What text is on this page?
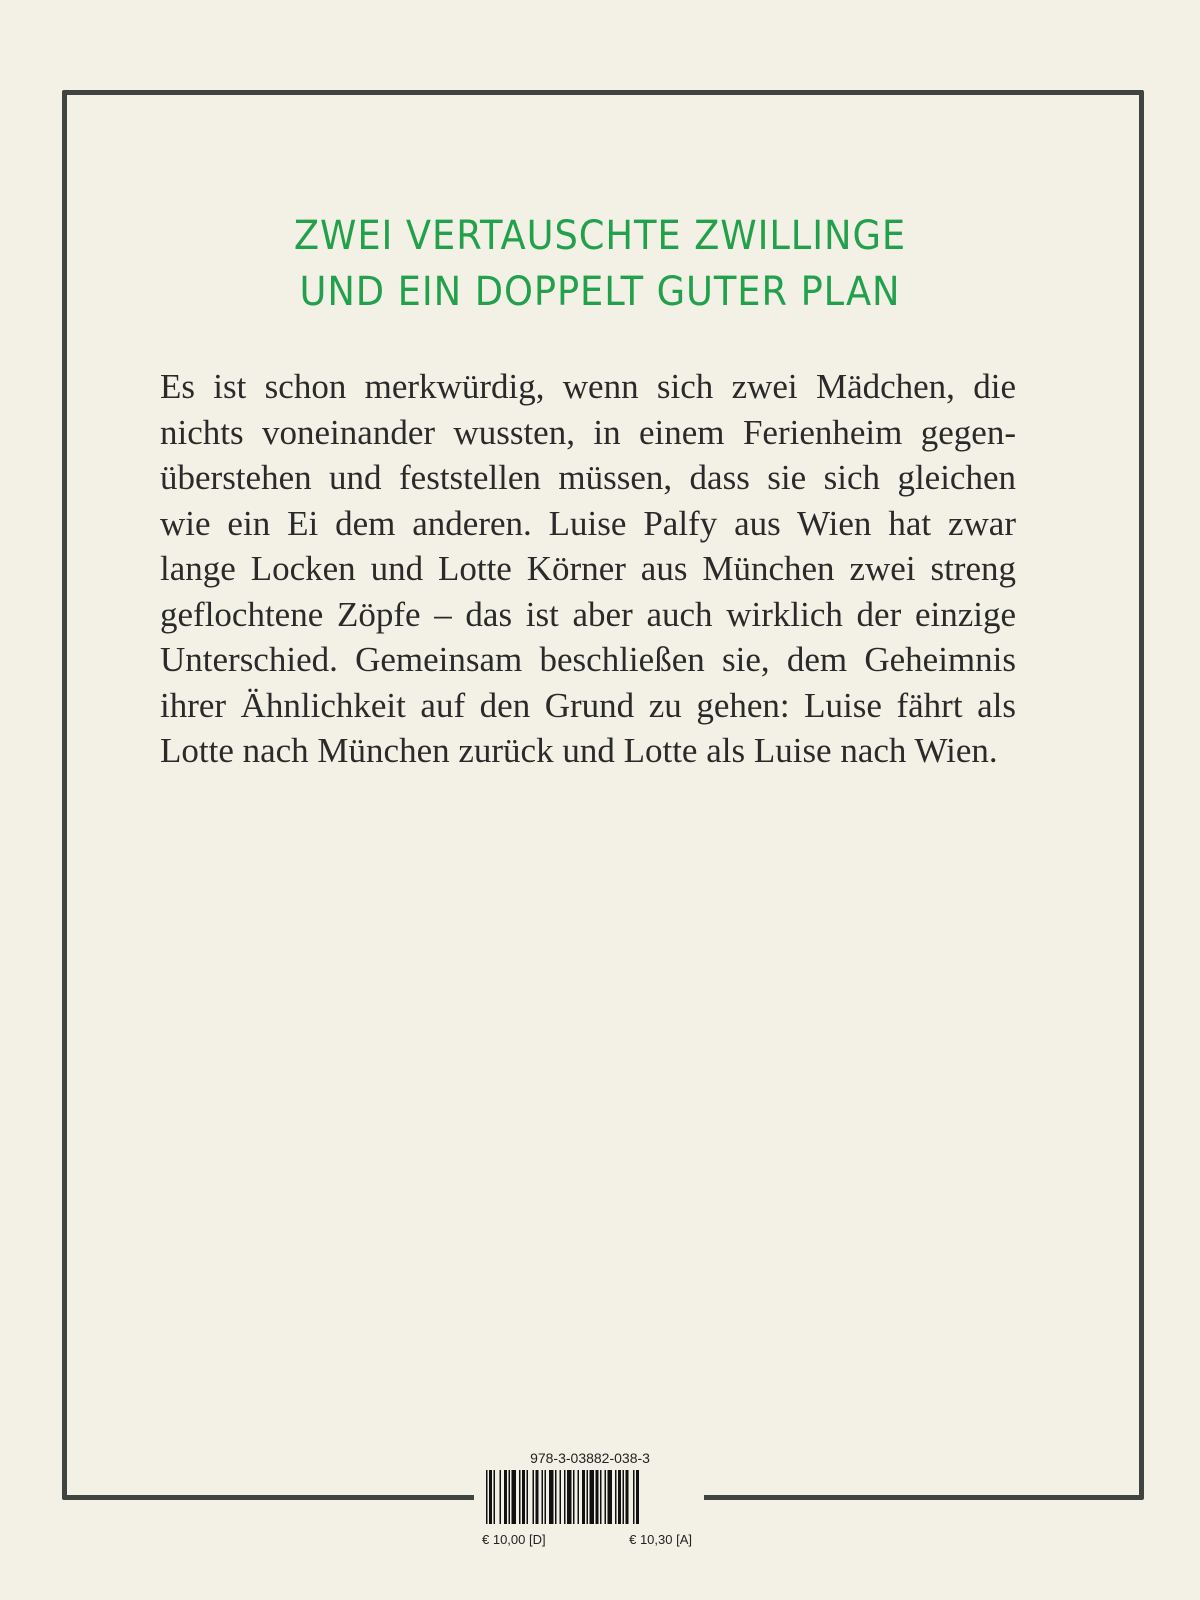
ZWEI VERTAUSCHTE ZWILLINGE
UND EIN DOPPELT GUTER PLAN

Es ist schon merkwürdig, wenn sich zwei Mädchen, die
nichts voneinander wussten, in einem Ferienheim gegen-
überstehen und feststellen müssen, dass sie sich gleichen
wie ein Ei dem anderen. Luise Palfy aus Wien hat zwar
lange Locken und Lotte Körner aus München zwei streng
geflochtene Zöpfe – das ist aber auch wirklich der einzige
Unterschied. Gemeinsam beschließen sie, dem Geheimnis
ihrer Ähnlichkeit auf den Grund zu gehen: Luise fährt als
Lotte nach München zurück und Lotte als Luise nach Wien.

978-3-03882-038-3
€ 10,00 [D]	€ 10,30 [A]
